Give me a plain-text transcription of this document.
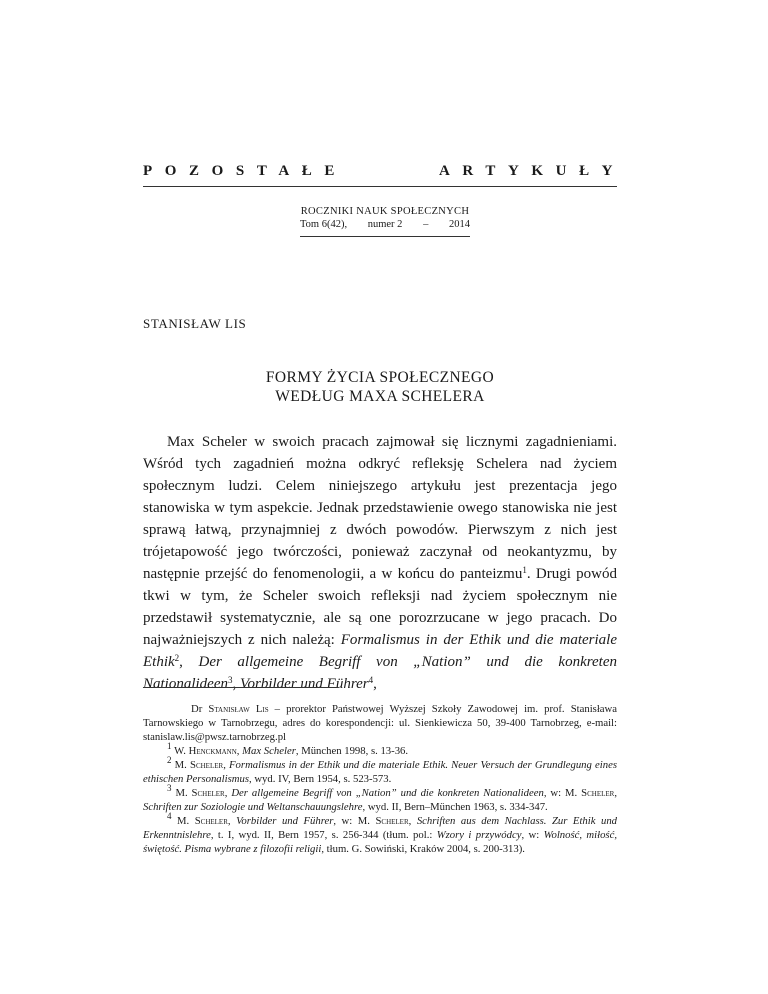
POZOSTAŁE	ARTYKUŁY
ROCZNIKI NAUK SPOŁECZNYCH
Tom 6(42), numer 2 – 2014
STANISŁAW LIS
FORMY ŻYCIA SPOŁECZNEGO
WEDŁUG MAXA SCHELERA

Max Scheler w swoich pracach zajmował się licznymi zagadnieniami. Wśród tych zagadnień można odkryć refleksję Schelera nad życiem społecznym ludzi. Celem niniejszego artykułu jest prezentacja jego stanowiska w tym aspekcie. Jednak przedstawienie owego stanowiska nie jest sprawą łatwą, przynajmniej z dwóch powodów. Pierwszym z nich jest trójetapowość jego twórczości, ponieważ zaczynał od neokantyzmu, by następnie przejść do fenomenologii, a w końcu do panteizmu$^1$. Drugi powód tkwi w tym, że Scheler swoich refleksji nad życiem społecznym nie przedstawił systematycznie, ale są one porozrzucane w jego pracach. Do najważniejszych z nich należą: Formalismus in der Ethik und die materiale Ethik$^2$, Der allgemeine Begriff von „Nation” und die konkreten Nationalideen$^3$, Vorbilder und Führer$^4$,

Dr Stanisław Lis – prorektor Państwowej Wyższej Szkoły Zawodowej im. prof. Stanisława Tarnowskiego w Tarnobrzegu, adres do korespondencji: ul. Sienkiewicza 50, 39-400 Tarnobrzeg, e-mail: stanislaw.lis@pwsz.tarnobrzeg.pl

$^1$ W. Henckmann, Max Scheler, München 1998, s. 13-36.

$^2$ M. Scheler, Formalismus in der Ethik und die materiale Ethik. Neuer Versuch der Grundlegung eines ethischen Personalismus, wyd. IV, Bern 1954, s. 523-573.

$^3$ M. Scheler, Der allgemeine Begriff von „Nation” und die konkreten Nationalideen, w: M. Scheler, Schriften zur Soziologie und Weltanschauungslehre, wyd. II, Bern–München 1963, s. 334-347.

$^4$ M. Scheler, Vorbilder und Führer, w: M. Scheler, Schriften aus dem Nachlass. Zur Ethik und Erkenntnislehre, t. I, wyd. II, Bern 1957, s. 256-344 (tłum. pol.: Wzory i przywódcy, w: Wolność, miłość, świętość. Pisma wybrane z filozofii religii, tłum. G. Sowiński, Kraków 2004, s. 200-313).
